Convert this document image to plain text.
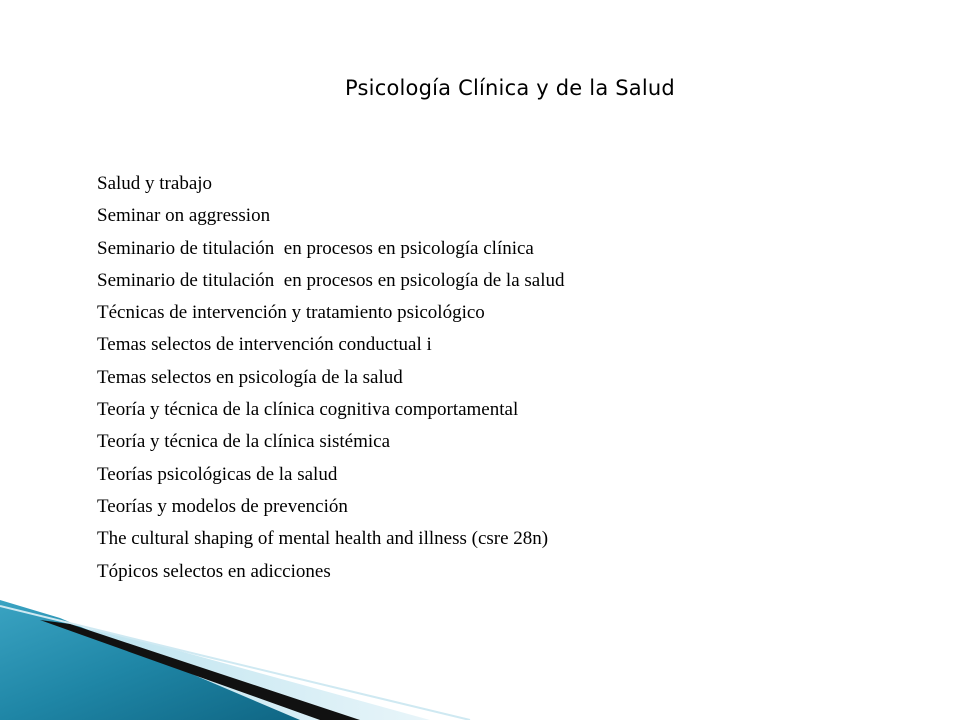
Psicología Clínica y de la Salud
Salud y trabajo
Seminar on aggression
Seminario de titulación  en procesos en psicología clínica
Seminario de titulación  en procesos en psicología de la salud
Técnicas de intervención y tratamiento psicológico
Temas selectos de intervención conductual i
Temas selectos en psicología de la salud
Teoría y técnica de la clínica cognitiva comportamental
Teoría y técnica de la clínica sistémica
Teorías psicológicas de la salud
Teorías y modelos de prevención
The cultural shaping of mental health and illness (csre 28n)
Tópicos selectos en adicciones
